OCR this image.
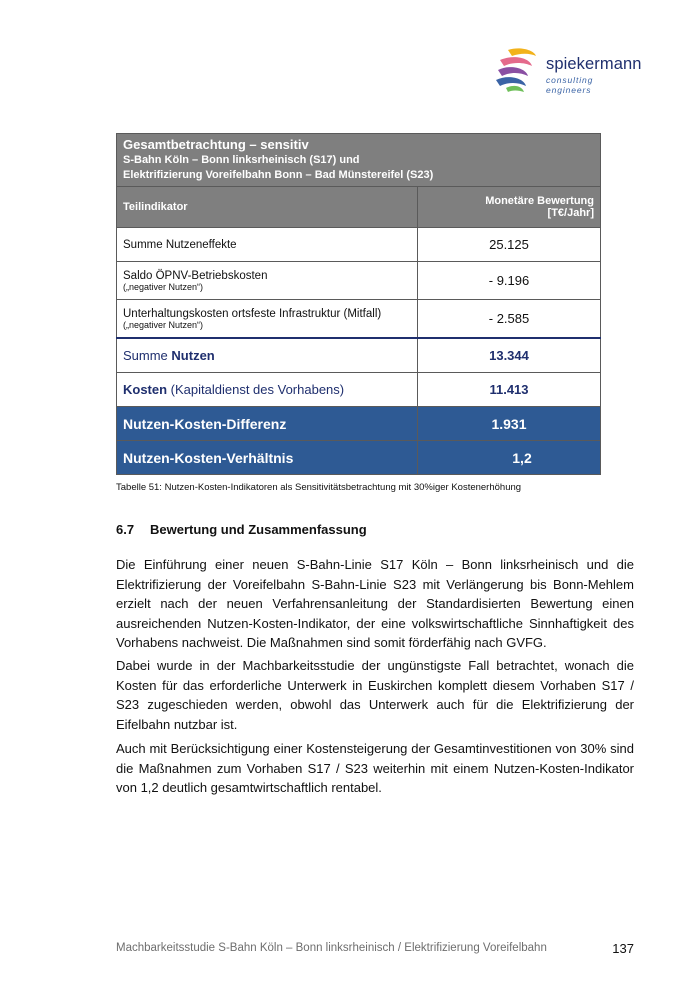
spiekermann
consulting engineers
Gesamtbetrachtung – sensitiv
S-Bahn Köln – Bonn linksrheinisch (S17) und
Elektrifizierung Voreifelbahn Bonn – Bad Münstereifel (S23)	

Teilindikator	Monetäre Bewertung
[T€/Jahr]

Summe Nutzeneffekte	25.125

Saldo ÖPNV-Betriebskosten
(„negativer Nutzen“)	- 9.196

Unterhaltungskosten ortsfeste Infrastruktur (Mitfall)
(„negativer Nutzen“)	- 2.585
Summe Nutzen	13.344
Kosten (Kapitaldienst des Vorhabens)	11.413
Nutzen-Kosten-Differenz	1.931
Nutzen-Kosten-Verhältnis	1,2
Tabelle 51: Nutzen-Kosten-Indikatoren als Sensitivitätsbetrachtung mit 30%iger Kostenerhöhung
6.7 Bewertung und Zusammenfassung

Die Einführung einer neuen S-Bahn-Linie S17 Köln – Bonn linksrheinisch und die Elektrifizierung der Voreifelbahn S-Bahn-Linie S23 mit Verlängerung bis Bonn-Mehlem erzielt nach der neuen Verfahrensanleitung der Standardisierten Bewertung einen ausreichenden Nutzen-Kosten-Indikator, der eine volkswirtschaftliche Sinnhaftigkeit des Vorhabens nachweist. Die Maßnahmen sind somit förderfähig nach GVFG.

Dabei wurde in der Machbarkeitsstudie der ungünstigste Fall betrachtet, wonach die Kosten für das erforderliche Unterwerk in Euskirchen komplett diesem Vorhaben S17 / S23 zugeschieden werden, obwohl das Unterwerk auch für die Elektrifizierung der Eifelbahn nutzbar ist.

Auch mit Berücksichtigung einer Kostensteigerung der Gesamtinvestitionen von 30% sind die Maßnahmen zum Vorhaben S17 / S23 weiterhin mit einem Nutzen-Kosten-Indikator von 1,2 deutlich gesamtwirtschaftlich rentabel.

Machbarkeitsstudie S-Bahn Köln – Bonn linksrheinisch / Elektrifizierung Voreifelbahn	137
